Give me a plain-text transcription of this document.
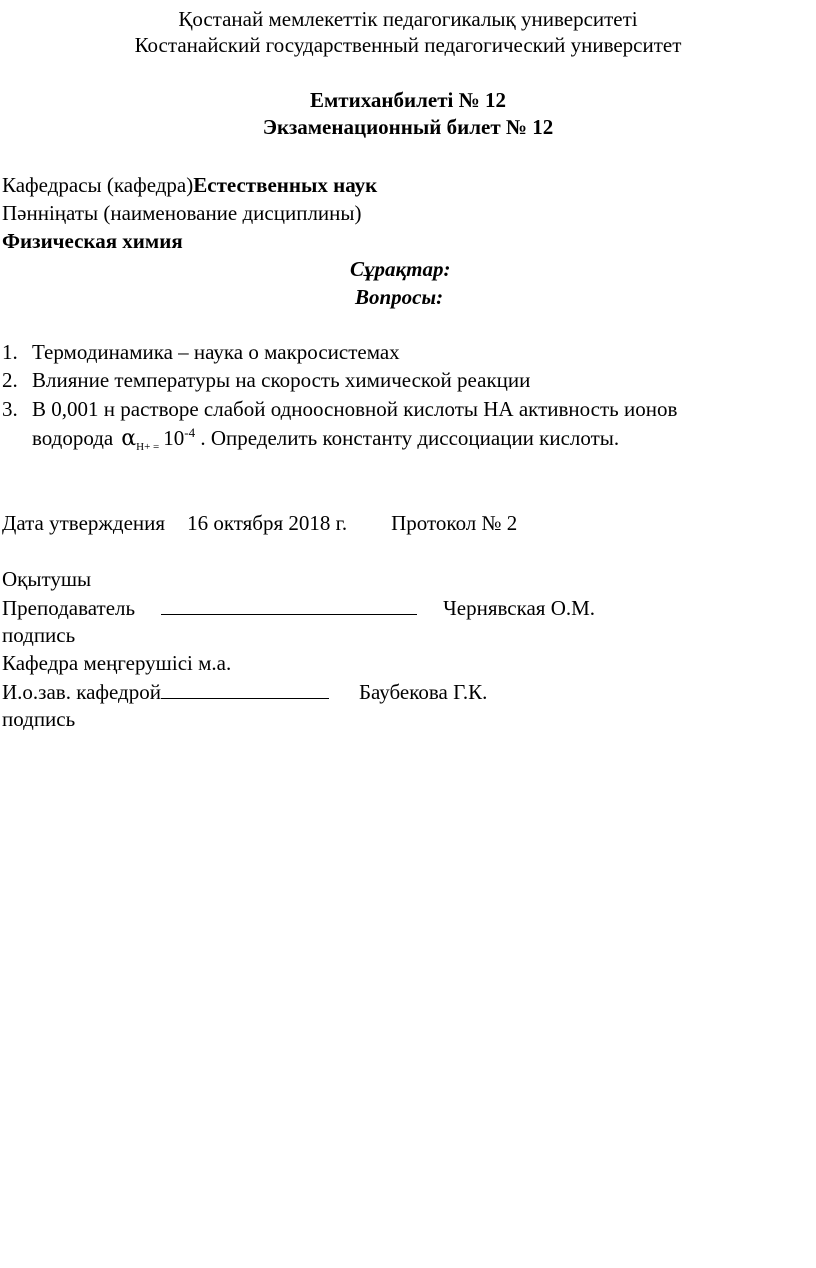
Қостанай мемлекеттік педагогикалық университеті
Костанайский государственный педагогический университет
Емтиханбилеті № 12
Экзаменационный билет № 12
Кафедрасы (кафедра)Естественных наук
Пәнніңаты (наименование дисциплины)
Физическая химия
Сұрақтар:
Вопросы:
1. Термодинамика – наука о макросистемах
2. Влияние температуры на скорость химической реакции
3. В 0,001 н растворе слабой одноосновной кислоты НА активность ионов
водорода $\alpha_{H+ =}$ $10^{-4}$ . Определить константу диссоциации кислоты.
Дата утверждения 16 октября 2018 г. Протокол № 2
Оқытушы
Преподаватель	Чернявская О.М.
подпись
Кафедра меңгерушісі м.а.
И.о.зав. кафедрой	Баубекова Г.К.
подпись
